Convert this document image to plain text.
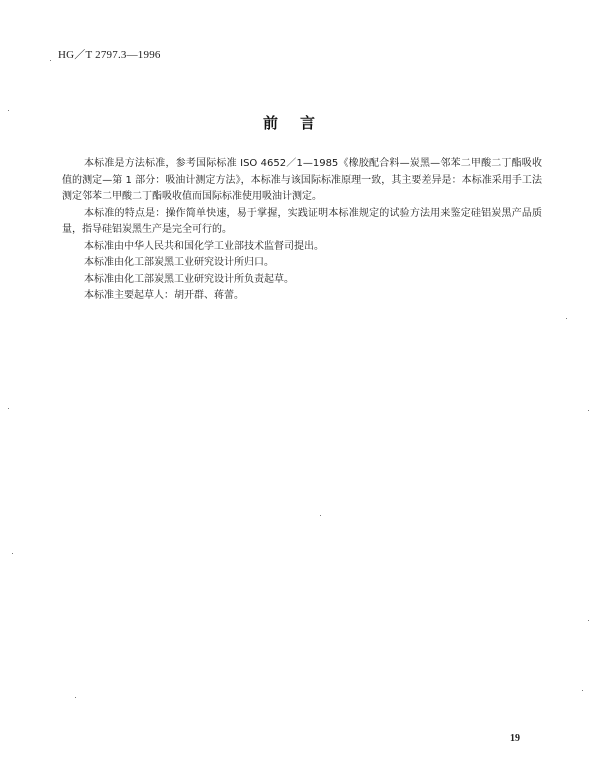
HG／T 2797.3—1996
前言

本标准是方法标准，参考国际标准 ISO 4652／1—1985《橡胶配合料—炭黑—邻苯二甲酸二丁酯吸收值的测定—第 1 部分：吸油计测定方法》，本标准与该国际标准原理一致，其主要差异是：本标准采用手工法测定邻苯二甲酸二丁酯吸收值而国际标准使用吸油计测定。

本标准的特点是：操作简单快速，易于掌握，实践证明本标准规定的试验方法用来鉴定硅铝炭黑产品质量，指导硅铝炭黑生产是完全可行的。

本标准由中华人民共和国化学工业部技术监督司提出。

本标准由化工部炭黑工业研究设计所归口。

本标准由化工部炭黑工业研究设计所负责起草。

本标准主要起草人：胡开群、蒋蕾。

19
